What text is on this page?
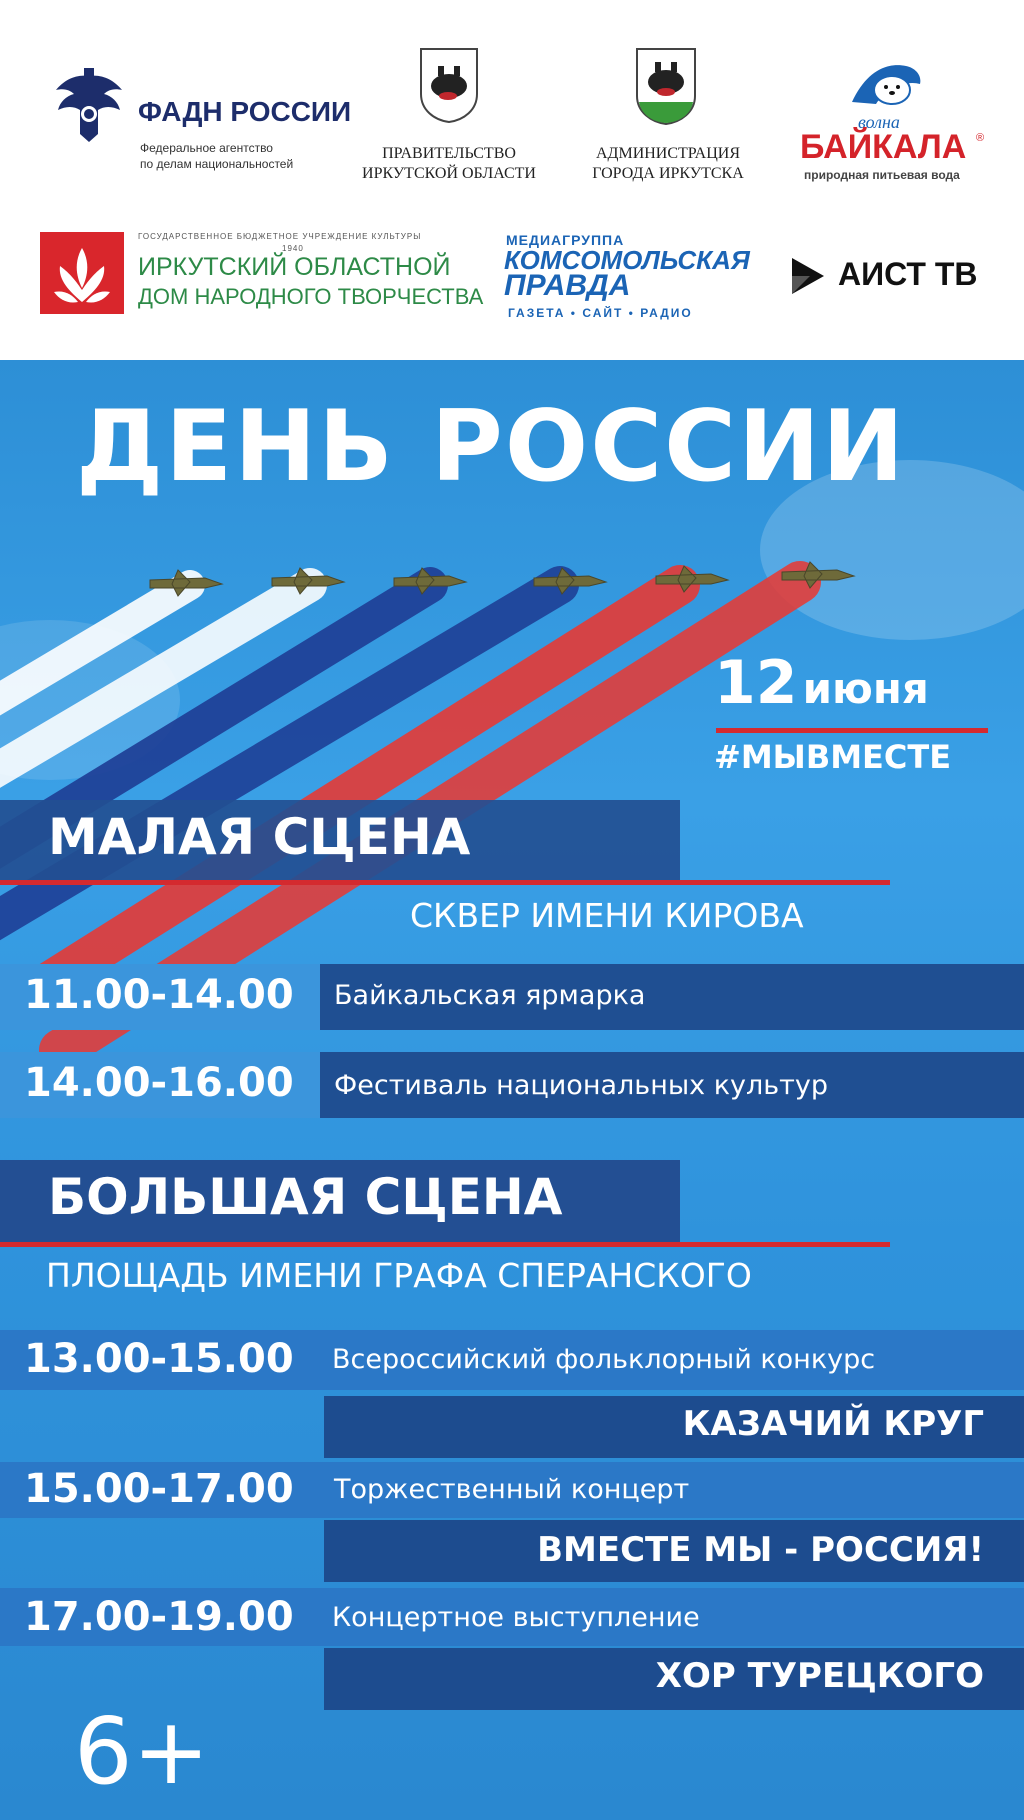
ФАДН РОССИИ
Федеральное агентство
по делам национальностей
ПРАВИТЕЛЬСТВО
ИРКУТСКОЙ ОБЛАСТИ
АДМИНИСТРАЦИЯ
ГОРОДА ИРКУТСКА
волна
БАЙКАЛА ®
природная питьевая вода
ГОСУДАРСТВЕННОЕ БЮДЖЕТНОЕ УЧРЕЖДЕНИЕ КУЛЬТУРЫ
1940
ИРКУТСКИЙ ОБЛАСТНОЙ
ДОМ НАРОДНОГО ТВОРЧЕСТВА
МЕДИАГРУППА
КОМСОМОЛЬСКАЯ
ПРАВДА
ГАЗЕТА • САЙТ • РАДИО
АИСТ ТВ
ДЕНЬ РОССИИ
12 июня
#МЫВМЕСТЕ
МАЛАЯ СЦЕНА
СКВЕР ИМЕНИ КИРОВА
11.00-14.00 Байкальская ярмарка
14.00-16.00 Фестиваль национальных культур
БОЛЬШАЯ СЦЕНА
ПЛОЩАДЬ ИМЕНИ ГРАФА СПЕРАНСКОГО
13.00-15.00 Всероссийский фольклорный конкурс
КАЗАЧИЙ КРУГ
15.00-17.00 Торжественный концерт
ВМЕСТЕ МЫ - РОССИЯ!
17.00-19.00 Концертное выступление
ХОР ТУРЕЦКОГО
6+
